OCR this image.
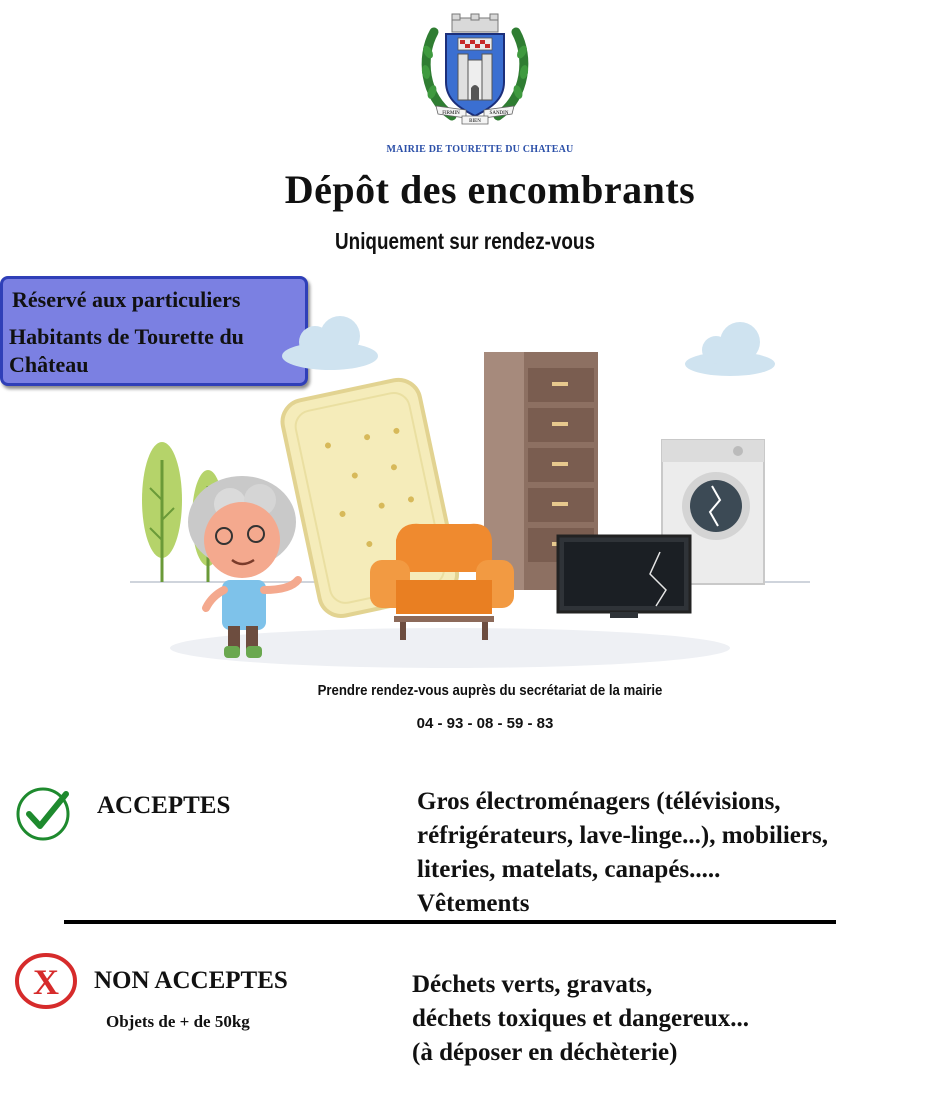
FIRMIN	SANDIN
BIEN
MAIRIE DE TOURETTE DU CHATEAU
Dépôt des encombrants
Uniquement sur rendez-vous
Réservé aux particuliers
Habitants de Tourette du Château
Prendre rendez-vous auprès du secrétariat de la mairie
04 - 93 - 08 - 59 - 83
ACCEPTES	Gros électroménagers (télévisions,
réfrigérateurs, lave-linge...), mobiliers,
literies, matelats, canapés.....
Vêtements
X NON ACCEPTES
Objets de + de 50kg
Déchets verts, gravats,
déchets toxiques et dangereux...
(à déposer en déchèterie)
